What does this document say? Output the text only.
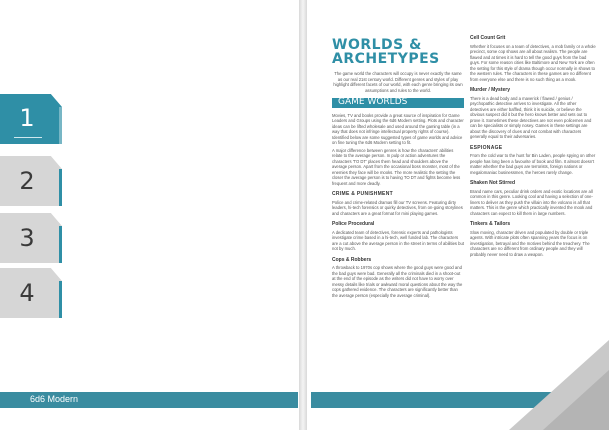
1
2
3
4
6d6 Modern
WORLDS &
ARCHETYPES

The game world the characters will occupy is never exactly the same as our real 21st century world. Different genres and styles of play highlight different facets of our world, with each genre bringing its own assumptions and rules to the world.

GAME WORLDS

Movies, TV and books provide a great source of inspiration for Game Leaders and Groups using the 6d6 Modern setting. Plots and character ideas can be lifted wholesale and used around the gaming table (in a way that does not infringe intellectual property rights of course). Identified below are some suggested types of game worlds and advice on fine tuning the 6d6 Modern setting to fit.

A major difference between genres is how the characters' abilities relate to the average person. In pulp or action adventures the characters 'TO DT' places them head and shoulders above the average person. Apart from the occasional boss monster, most of the enemies they face will be mooks. The more realistic the setting the closer the average person is to having TO DT and fights become less frequent and more deadly.

CRIME & PUNISHMENT

Police and crime-related dramas fill our TV screens. Featuring dirty leaders, hi-tech forensics or quirky detectives, from on-going storylines and characters are a great format for mini playing games.

Police Procedural

A dedicated team of detectives, forensic experts and pathologists investigate crime based in a hi-tech, well funded lab. The characters are a cut above the average person in the street in terms of abilities but not by much.

Cops & Robbers

A throwback to 1970s cop shows where the good guys were good and the bad guys were bad. Generally all the criminals died in a shoot-out at the end of the episode as the writers did not have to worry over messy details like trials or awkward moral questions about the way the cops gathered evidence. The characters are significantly better than the average person (especially the average criminal).

Cell Count Grit

Whether it focuses on a team of detectives, a mob family or a whole precinct, some cop shows are all about realism. The people are flawed and at times it is hard to tell the good guys from the bad guys. For some reason cities like Baltimore and New York are often the setting for this style of drama though occur normally in shows to the western rules. The characters in these games are no different from everyone else and there is no such thing as a mook.

Murder / Mystery

There is a dead body and a maverick / flawed / genius / psychopathic detective arrives to investigate. All the other detectives are either baffled, think it is suicide, or believe the obvious suspect did it but the hero knows better and sets out to prove it. Sometimes these detectives are not even policemen and can be specialists or simply nosey. Games in these settings are about the discovery of clues and not combat with characters generally equal to their adversaries.

ESPIONAGE

From the cold war to the hunt for Bin Laden, people spying on other people has long been a favourite of book and film. It almost doesn't matter whether the bad guys are terrorists, foreign nations or megalomaniac businessmen, the heroes rarely change.

Shaken Not Stirred

Brand name cars, peculiar drink orders and exotic locations are all common in this genre. Looking cool and having a selection of one-liners to deliver as they push the villain into the volcano is all that matters. This is the genre which practically invented the mook and characters can expect to kill them in large numbers.

Tinkers & Tailors

Slow moving, character driven and populated by double or triple agents. With intricate plots often spanning years the focus is on investigation, betrayal and the motives behind the treachery. The characters are no different from ordinary people and they will probably never need to draw a weapon.
